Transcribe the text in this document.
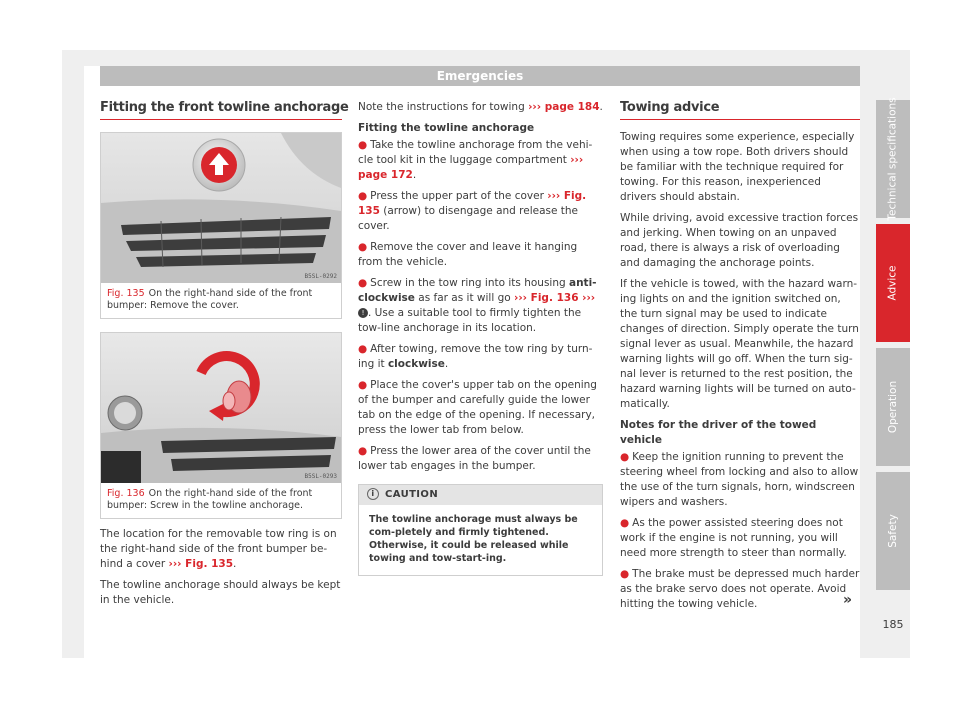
Emergencies
Fitting the front towline anchorage
B5SL-0292
Fig. 135 On the right-hand side of the front bumper: Remove the cover.
B5SL-0293
Fig. 136 On the right-hand side of the front bumper: Screw in the towline anchorage.

The location for the removable tow ring is on the right-hand side of the front bumper be-hind a cover ››› Fig. 135.

The towline anchorage should always be kept in the vehicle.

Note the instructions for towing ››› page 184.

Fitting the towline anchorage

● Take the towline anchorage from the vehi-cle tool kit in the luggage compartment ››› page 172.

● Press the upper part of the cover ››› Fig. 135 (arrow) to disengage and release the cover.

● Remove the cover and leave it hanging from the vehicle.

● Screw in the tow ring into its housing anti-clockwise as far as it will go ››› Fig. 136 ››› ! . Use a suitable tool to firmly tighten the tow-line anchorage in its location.

● After towing, remove the tow ring by turn-ing it clockwise.

● Place the cover's upper tab on the opening of the bumper and carefully guide the lower tab on the edge of the opening. If necessary, press the lower tab from below.

● Press the lower area of the cover until the lower tab engages in the bumper.

i CAUTION
The towline anchorage must always be com-pletely and firmly tightened. Otherwise, it could be released while towing and tow-start-ing.
Towing advice

Towing requires some experience, especially when using a tow rope. Both drivers should be familiar with the technique required for towing. For this reason, inexperienced drivers should abstain.

While driving, avoid excessive traction forces and jerking. When towing on an unpaved road, there is always a risk of overloading and damaging the anchorage points.

If the vehicle is towed, with the hazard warn-ing lights on and the ignition switched on, the turn signal may be used to indicate changes of direction. Simply operate the turn signal lever as usual. Meanwhile, the hazard warning lights will go off. When the turn sig-nal lever is returned to the rest position, the hazard warning lights will be turned on auto-matically.

Notes for the driver of the towed vehicle

● Keep the ignition running to prevent the steering wheel from locking and also to allow the use of the turn signals, horn, windscreen wipers and washers.

● As the power assisted steering does not work if the engine is not running, you will need more strength to steer than normally.

● The brake must be depressed much harder as the brake servo does not operate. Avoid hitting the towing vehicle.	»
Technical specifications
Advice
Operation
Safety
185
